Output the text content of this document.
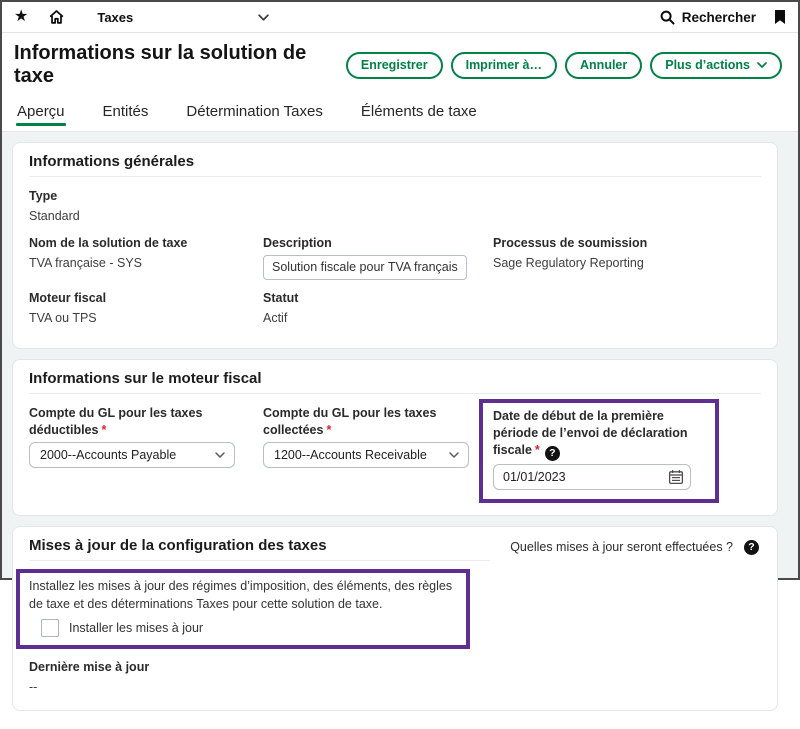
★	Taxes	Rechercher
Informations sur la solution de taxe	Enregistrer	Imprimer à…	Annuler	Plus d’actions
Aperçu	Entités	Détermination Taxes	Éléments de taxe
Informations générales
Type
Standard
Nom de la solution de taxe
TVA française - SYS
Description
Solution fiscale pour TVA française	Processus de soumission
Sage Regulatory Reporting
Moteur fiscal
TVA ou TPS
Statut
Actif
Informations sur le moteur fiscal
Compte du GL pour les taxes déductibles *
2000--Accounts Payable
Compte du GL pour les taxes collectées *
1200--Accounts Receivable
Date de début de la première période de l’envoi de déclaration fiscale * ?
01/01/2023
Mises à jour de la configuration des taxes	Quelles mises à jour seront effectuées ?	?
Installez les mises à jour des régimes d’imposition, des éléments, des règles de taxe et des déterminations Taxes pour cette solution de taxe.
Installer les mises à jour
Dernière mise à jour
--
